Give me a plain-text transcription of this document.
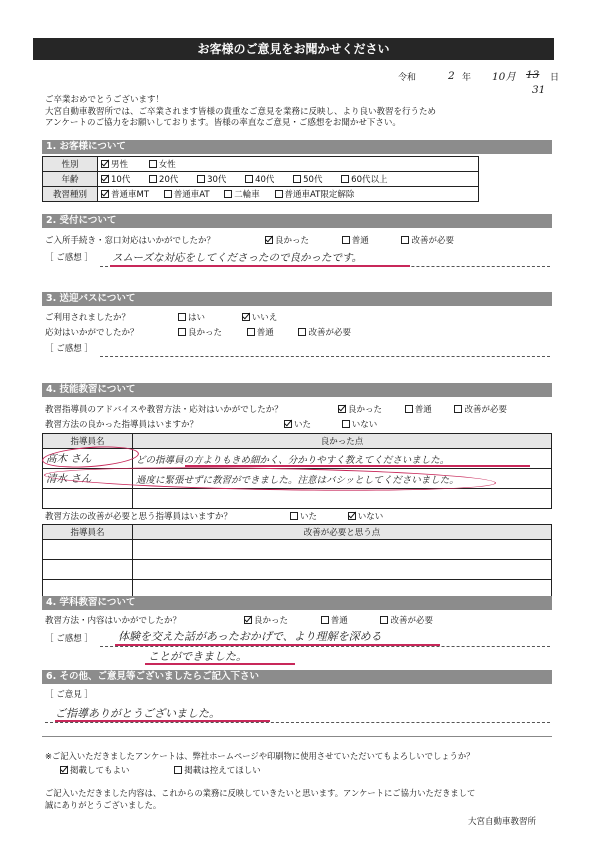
お客様のご意見をお聞かせください
令和	2 年 10月 13 日
31
ご卒業おめでとうございます！
大宮自動車教習所では、ご卒業されます皆様の貴重なご意見を業務に反映し、より良い教習を行うため
アンケートのご協力をお願いしております。皆様の率直なご意見・ご感想をお聞かせ下さい。
1. お客様について
性別	男性 女性
年齢	10代 20代 30代 40代 50代 60代以上
教習種別	普通車MT 普通車AT 二輪車 普通車AT限定解除
2. 受付について
ご入所手続き・窓口対応はいかがでしたか？	良かった	普通	改善が必要
［ ご感想 ］ スムーズな対応をしてくださったので良かったです。
3. 送迎バスについて
ご利用されましたか？	はい	いいえ
応対はいかがでしたか？	良かった	普通	改善が必要
［ ご感想 ］
4. 技能教習について
教習指導員のアドバイスや教習方法・応対はいかがでしたか？	良かった	普通	改善が必要
教習方法の良かった指導員はいますか？	いた	いない
指導員名	良かった点
高木 さん	どの指導員の方よりもきめ細かく、分かりやすく教えてくださいました。
清水 さん	過度に緊張せずに教習ができました。注意はバシッとしてくださいました。

教習方法の改善が必要と思う指導員はいますか？	いた	いない
指導員名	改善が必要と思う点

4. 学科教習について
教習方法・内容はいかがでしたか？	良かった	普通	改善が必要
［ ご感想 ］ 体験を交えた話があったおかげで、より理解を深める
ことができました。
6. その他、ご意見等ございましたらご記入下さい
［ ご意見 ］
ご指導ありがとうございました。
※ご記入いただきましたアンケートは、弊社ホームページや印刷物に使用させていただいてもよろしいでしょうか？
掲載してもよい	掲載は控えてほしい
ご記入いただきました内容は、これからの業務に反映していきたいと思います。アンケートにご協力いただきまして
誠にありがとうございました。
大宮自動車教習所
